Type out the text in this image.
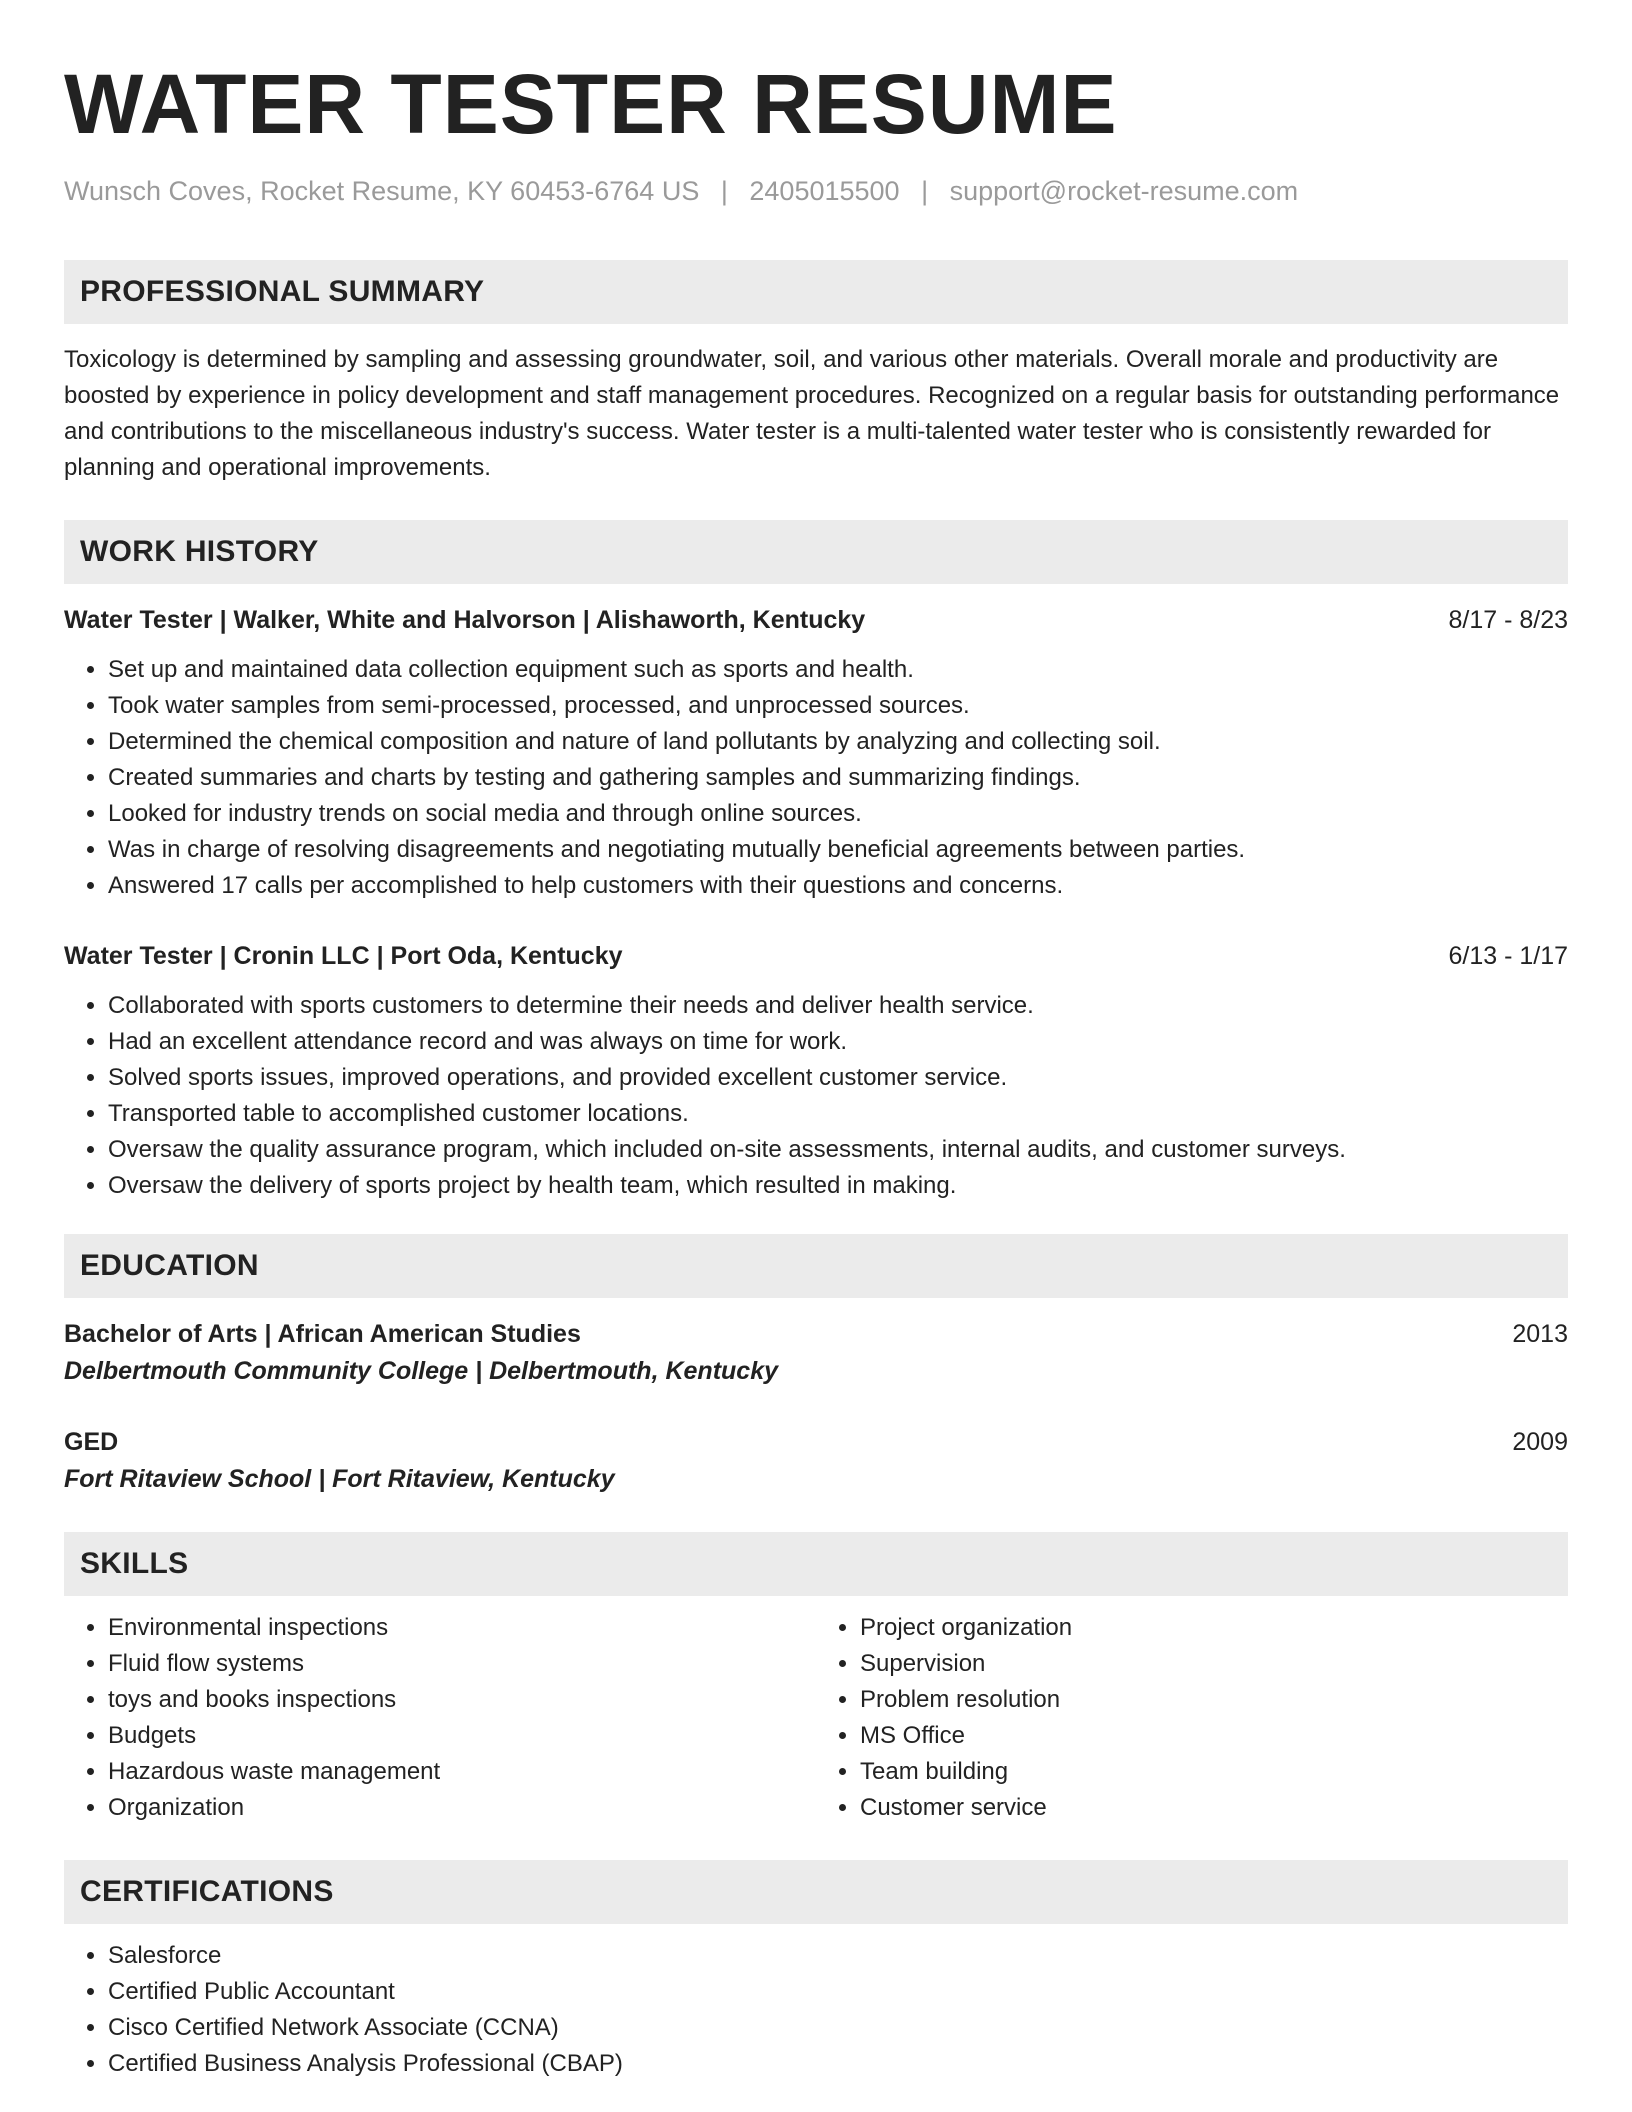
WATER TESTER RESUME
Wunsch Coves, Rocket Resume, KY 60453-6764 US | 2405015500 | support@rocket-resume.com
PROFESSIONAL SUMMARY
Toxicology is determined by sampling and assessing groundwater, soil, and various other materials. Overall morale and productivity are boosted by experience in policy development and staff management procedures. Recognized on a regular basis for outstanding performance and contributions to the miscellaneous industry's success. Water tester is a multi-talented water tester who is consistently rewarded for planning and operational improvements.
WORK HISTORY
Water Tester | Walker, White and Halvorson | Alishaworth, Kentucky	8/17 - 8/23
• Set up and maintained data collection equipment such as sports and health.
• Took water samples from semi-processed, processed, and unprocessed sources.
• Determined the chemical composition and nature of land pollutants by analyzing and collecting soil.
• Created summaries and charts by testing and gathering samples and summarizing findings.
• Looked for industry trends on social media and through online sources.
• Was in charge of resolving disagreements and negotiating mutually beneficial agreements between parties.
• Answered 17 calls per accomplished to help customers with their questions and concerns.
Water Tester | Cronin LLC | Port Oda, Kentucky	6/13 - 1/17
• Collaborated with sports customers to determine their needs and deliver health service.
• Had an excellent attendance record and was always on time for work.
• Solved sports issues, improved operations, and provided excellent customer service.
• Transported table to accomplished customer locations.
• Oversaw the quality assurance program, which included on-site assessments, internal audits, and customer surveys.
• Oversaw the delivery of sports project by health team, which resulted in making.
EDUCATION
Bachelor of Arts | African American Studies	2013
Delbertmouth Community College | Delbertmouth, Kentucky
GED	2009
Fort Ritaview School | Fort Ritaview, Kentucky
SKILLS
• Environmental inspections
• Fluid flow systems
• toys and books inspections
• Budgets
• Hazardous waste management
• Organization
• Project organization
• Supervision
• Problem resolution
• MS Office
• Team building
• Customer service
CERTIFICATIONS
• Salesforce
• Certified Public Accountant
• Cisco Certified Network Associate (CCNA)
• Certified Business Analysis Professional (CBAP)
